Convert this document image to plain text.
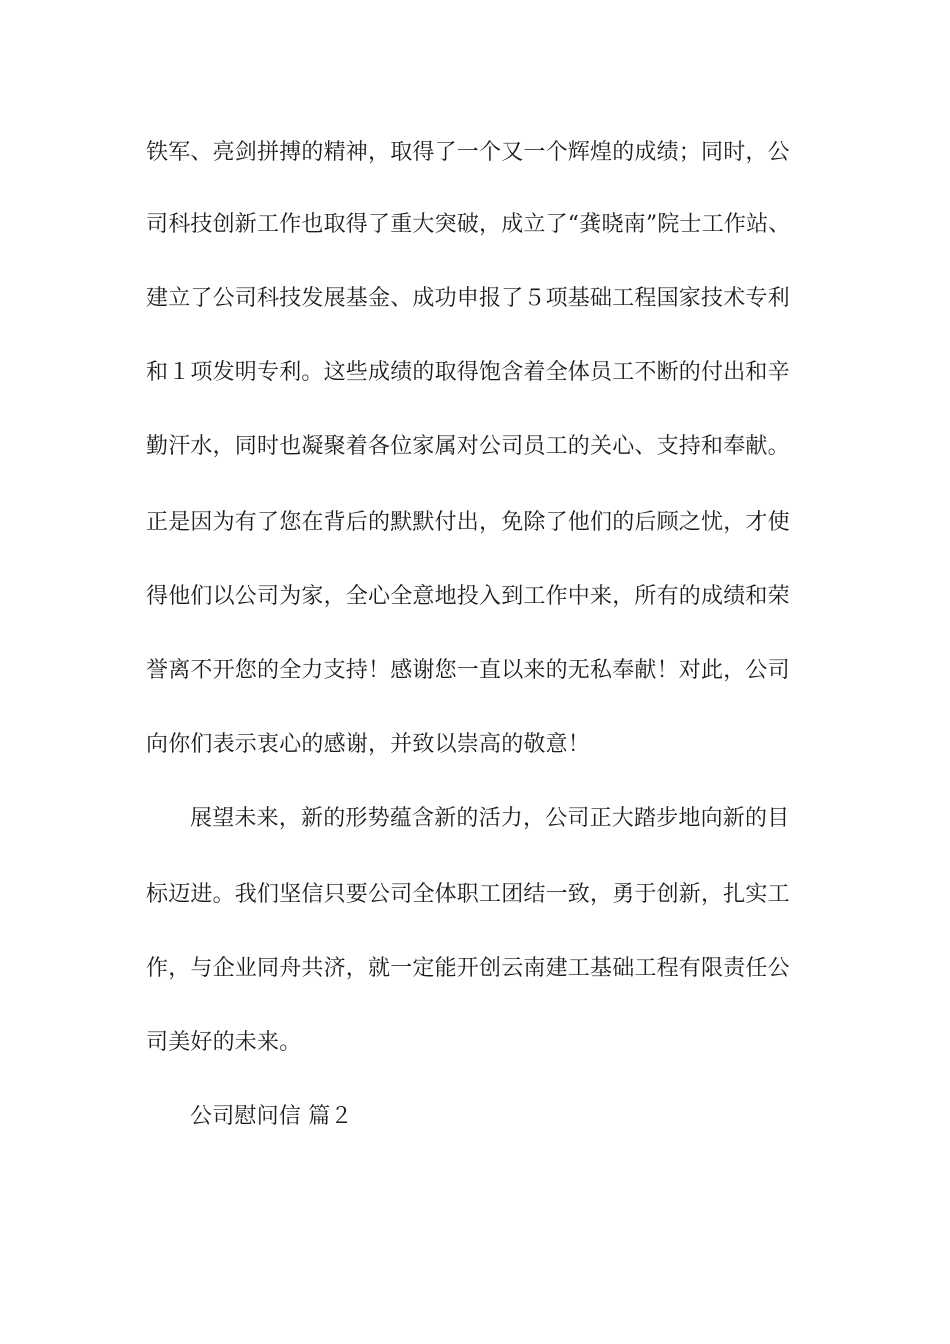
铁军、亮剑拼搏的精神，取得了一个又一个辉煌的成绩；同时，公
司科技创新工作也取得了重大突破，成立了“龚晓南”院士工作站、
建立了公司科技发展基金、成功申报了５项基础工程国家技术专利
和１项发明专利。这些成绩的取得饱含着全体员工不断的付出和辛
勤汗水，同时也凝聚着各位家属对公司员工的关心、支持和奉献。
正是因为有了您在背后的默默付出，免除了他们的后顾之忧，才使
得他们以公司为家，全心全意地投入到工作中来，所有的成绩和荣
誉离不开您的全力支持！感谢您一直以来的无私奉献！对此，公司
向你们表示衷心的感谢，并致以崇高的敬意！
展望未来，新的形势蕴含新的活力，公司正大踏步地向新的目
标迈进。我们坚信只要公司全体职工团结一致，勇于创新，扎实工
作，与企业同舟共济，就一定能开创云南建工基础工程有限责任公
司美好的未来。
公司慰问信 篇２
